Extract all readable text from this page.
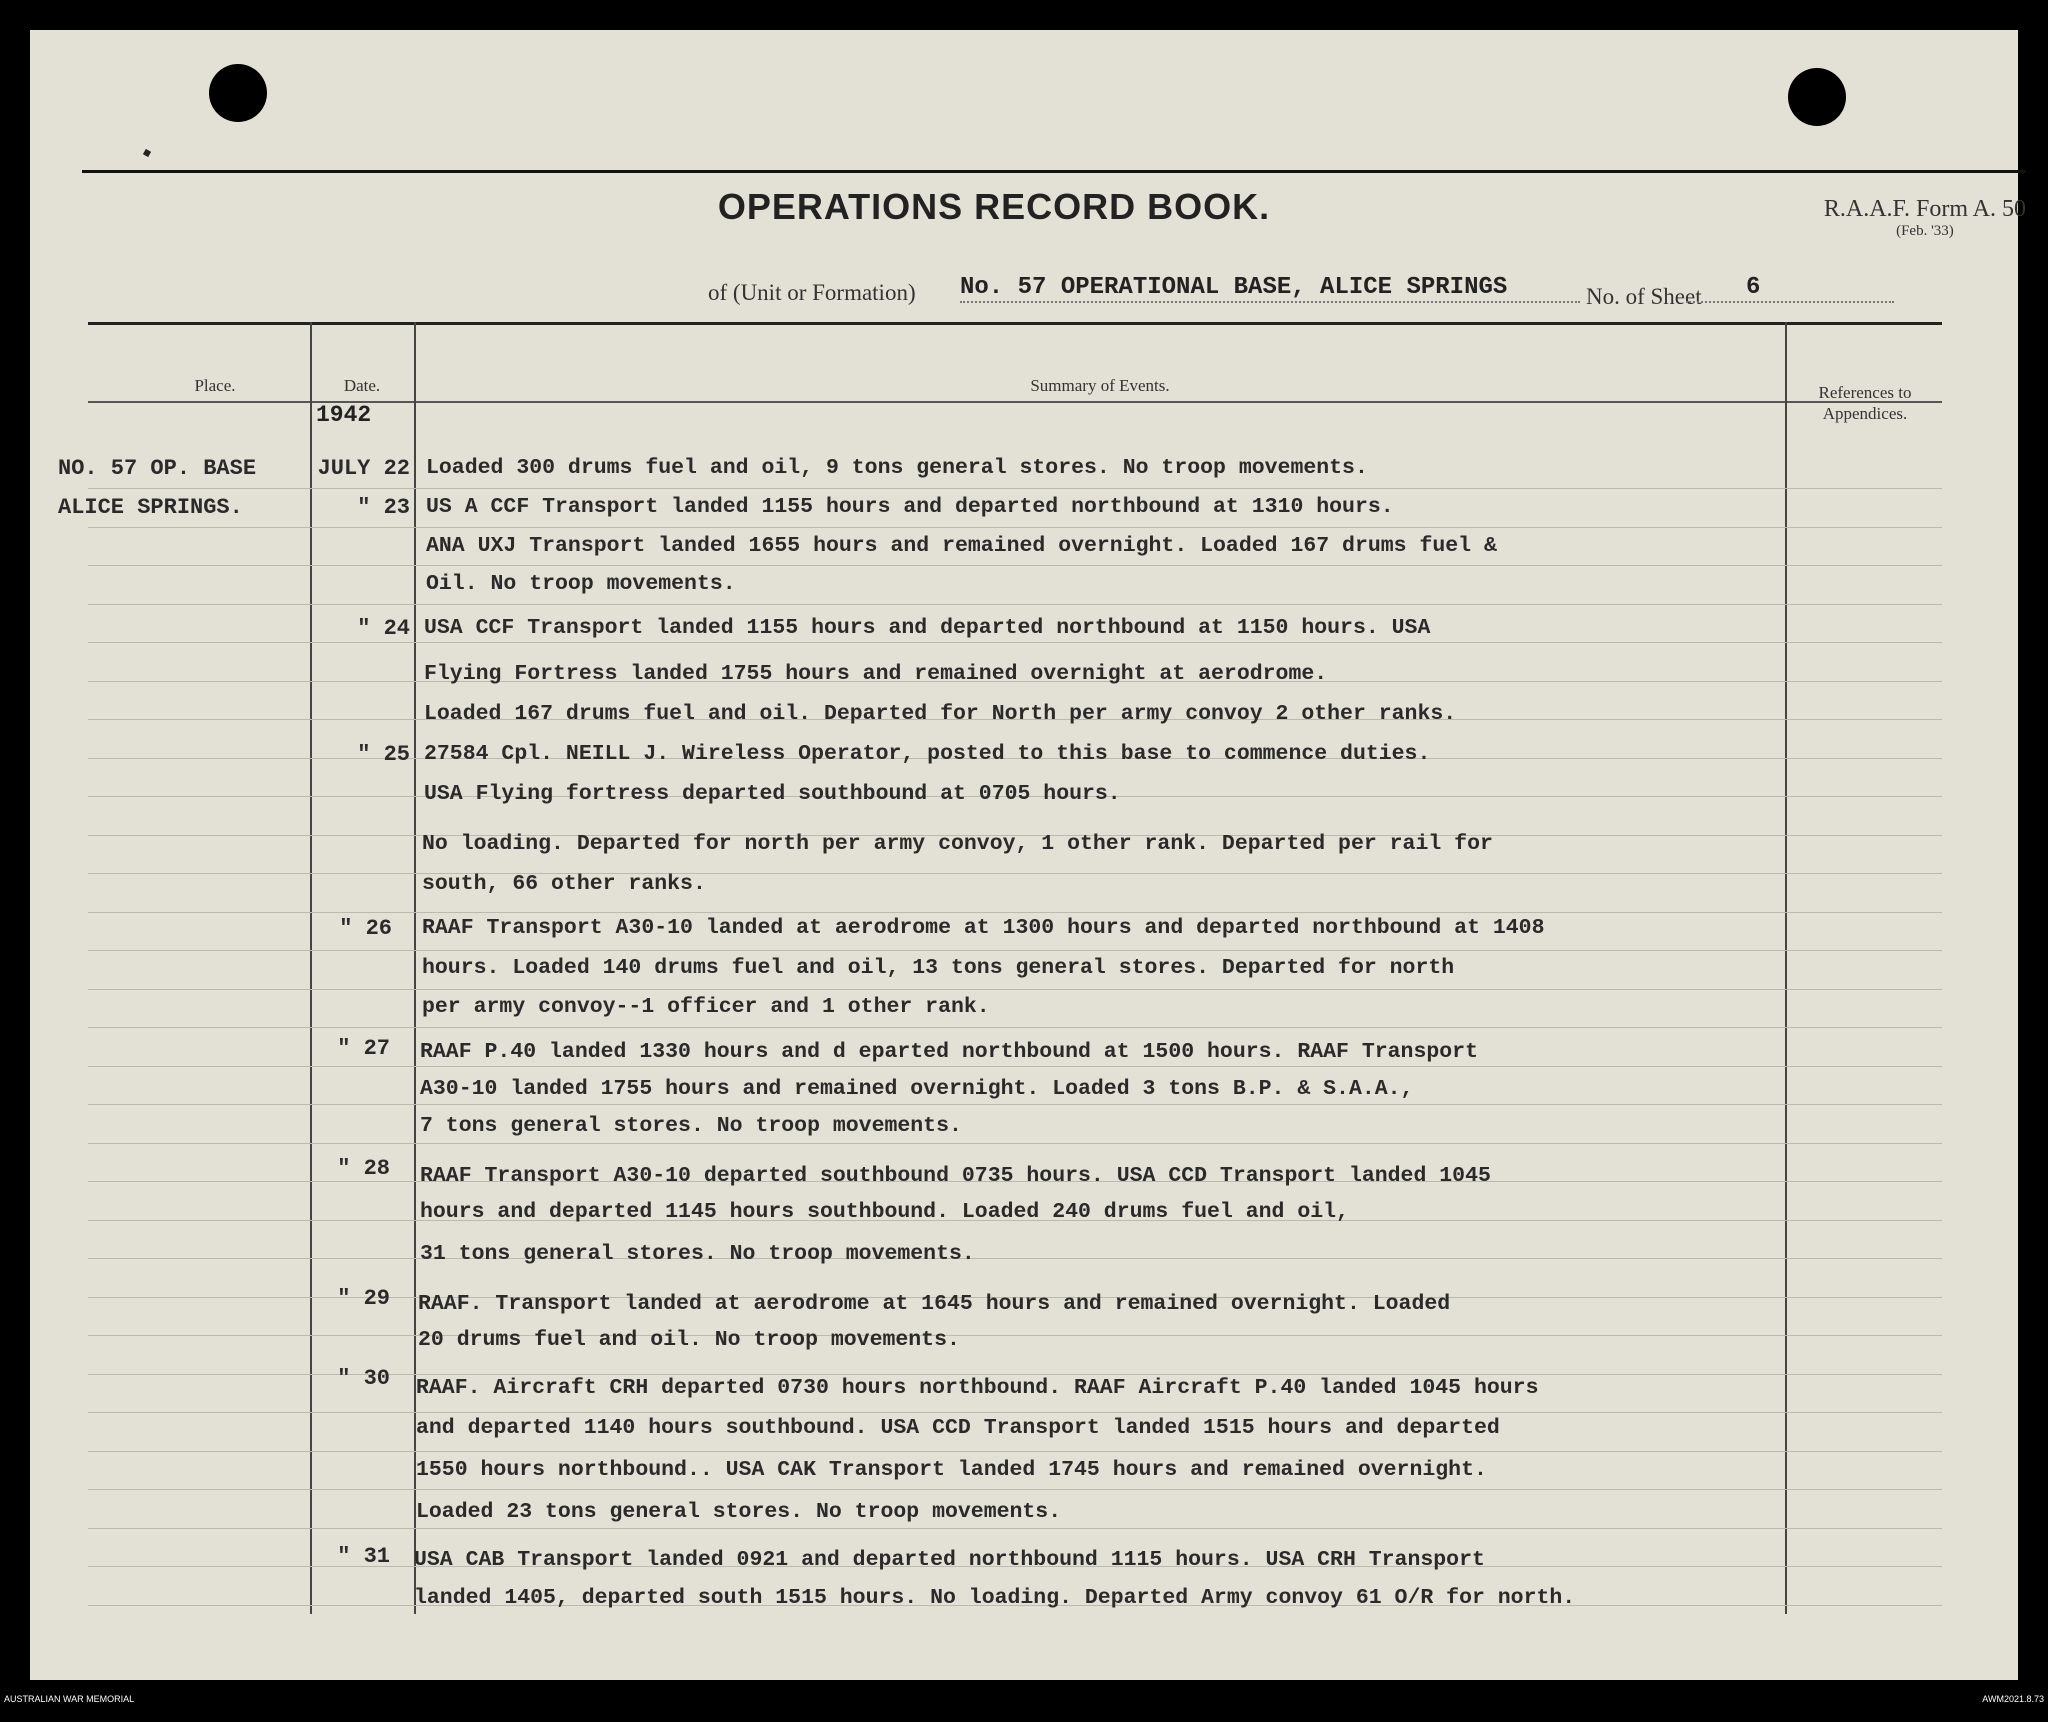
OPERATIONS RECORD BOOK.	R.A.A.F. Form A. 50
(Feb. '33)
of (Unit or Formation) No. 57 OPERATIONAL BASE, ALICE SPRINGS	No. of Sheet	6
Place.	Date.
1942
Summary of Events.	References to
Appendices.
NO. 57 OP. BASE
ALICE SPRINGS.
JULY 22 Loaded 300 drums fuel and oil, 9 tons general stores. No troop movements.
" 23 US A CCF Transport landed 1155 hours and departed northbound at 1310 hours.
ANA UXJ Transport landed 1655 hours and remained overnight. Loaded 167 drums fuel &
Oil. No troop movements.
" 24 USA CCF Transport landed 1155 hours and departed northbound at 1150 hours. USA
Flying Fortress landed 1755 hours and remained overnight at aerodrome.
Loaded 167 drums fuel and oil. Departed for North per army convoy 2 other ranks.
" 25 27584 Cpl. NEILL J. Wireless Operator, posted to this base to commence duties.
USA Flying fortress departed southbound at 0705 hours.
No loading. Departed for north per army convoy, 1 other rank. Departed per rail for
south, 66 other ranks.
" 26 RAAF Transport A30-10 landed at aerodrome at 1300 hours and departed northbound at 1408
hours. Loaded 140 drums fuel and oil, 13 tons general stores. Departed for north
per army convoy--1 officer and 1 other rank.
" 27 RAAF P.40 landed 1330 hours and d eparted northbound at 1500 hours. RAAF Transport
A30-10 landed 1755 hours and remained overnight. Loaded 3 tons B.P. & S.A.A.,
7 tons general stores. No troop movements.
" 28 RAAF Transport A30-10 departed southbound 0735 hours. USA CCD Transport landed 1045
hours and departed 1145 hours southbound. Loaded 240 drums fuel and oil,
31 tons general stores. No troop movements.
" 29 RAAF. Transport landed at aerodrome at 1645 hours and remained overnight. Loaded
20 drums fuel and oil. No troop movements.
" 30 RAAF. Aircraft CRH departed 0730 hours northbound. RAAF Aircraft P.40 landed 1045 hours
and departed 1140 hours southbound. USA CCD Transport landed 1515 hours and departed
1550 hours northbound.. USA CAK Transport landed 1745 hours and remained overnight.
Loaded 23 tons general stores. No troop movements.
" 31 USA CAB Transport landed 0921 and departed northbound 1115 hours. USA CRH Transport
landed 1405, departed south 1515 hours. No loading. Departed Army convoy 61 O/R for north.
AUSTRALIAN WAR MEMORIAL	AWM2021.8.73
